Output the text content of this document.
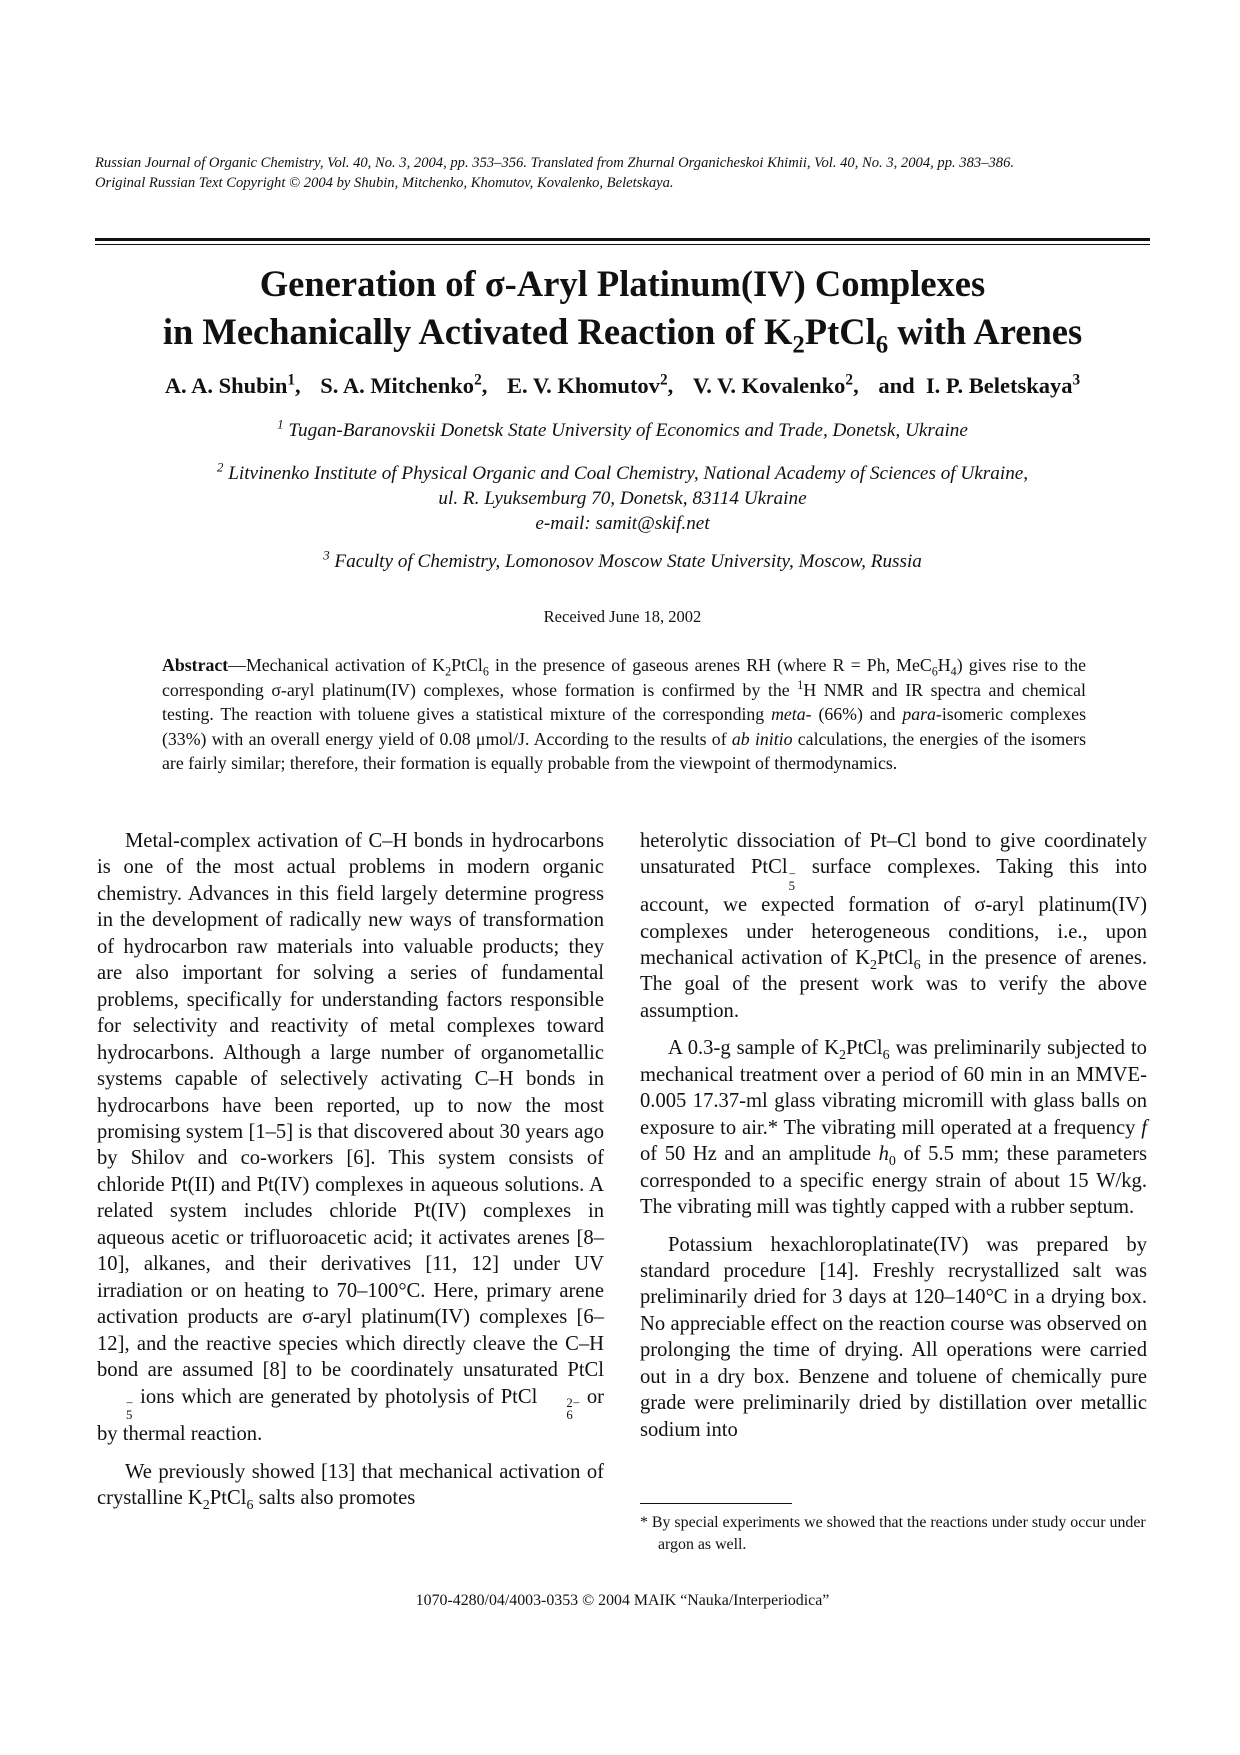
Russian Journal of Organic Chemistry, Vol. 40, No. 3, 2004, pp. 353–356. Translated from Zhurnal Organicheskoi Khimii, Vol. 40, No. 3, 2004, pp. 383–386.
Original Russian Text Copyright © 2004 by Shubin, Mitchenko, Khomutov, Kovalenko, Beletskaya.
Generation of σ-Aryl Platinum(IV) Complexes
in Mechanically Activated Reaction of $K_2PtCl_6$ with Arenes
A. A. Shubin$^1$, S. A. Mitchenko$^2$, E. V. Khomutov$^2$, V. V. Kovalenko$^2$, and I. P. Beletskaya$^3$
$^1$ Tugan-Baranovskii Donetsk State University of Economics and Trade, Donetsk, Ukraine
$^2$ Litvinenko Institute of Physical Organic and Coal Chemistry, National Academy of Sciences of Ukraine,
ul. R. Lyuksemburg 70, Donetsk, 83114 Ukraine
e-mail: samit@skif.net
$^3$ Faculty of Chemistry, Lomonosov Moscow State University, Moscow, Russia
Received June 18, 2002
Abstract—Mechanical activation of $K_2PtCl_6$ in the presence of gaseous arenes RH (where R = Ph, $MeC_6H_4$) gives rise to the corresponding σ-aryl platinum(IV) complexes, whose formation is confirmed by the $^1$H NMR and IR spectra and chemical testing. The reaction with toluene gives a statistical mixture of the corresponding meta- (66%) and para-isomeric complexes (33%) with an overall energy yield of 0.08 μmol/J. According to the results of ab initio calculations, the energies of the isomers are fairly similar; therefore, their formation is equally probable from the viewpoint of thermodynamics.

Metal-complex activation of C–H bonds in hydrocarbons is one of the most actual problems in modern organic chemistry. Advances in this field largely determine progress in the development of radically new ways of transformation of hydrocarbon raw materials into valuable products; they are also important for solving a series of fundamental problems, specifically for understanding factors responsible for selectivity and reactivity of metal complexes toward hydrocarbons. Although a large number of organometallic systems capable of selectively activating C–H bonds in hydrocarbons have been reported, up to now the most promising system [1–5] is that discovered about 30 years ago by Shilov and co-workers [6]. This system consists of chloride Pt(II) and Pt(IV) complexes in aqueous solutions. A related system includes chloride Pt(IV) complexes in aqueous acetic or trifluoroacetic acid; it activates arenes [8–10], alkanes, and their derivatives [11, 12] under UV irradiation or on heating to 70–100°C. Here, primary arene activation products are σ-aryl platinum(IV) complexes [6–12], and the reactive species which directly cleave the C–H bond are assumed [8] to be coordinately unsaturated PtCl
−
5
ions which are generated by photolysis of PtCl	2−
6
or by thermal reaction.

We previously showed [13] that mechanical activation of crystalline $K_2PtCl_6$ salts also promotes

heterolytic dissociation of Pt–Cl bond to give coordinately unsaturated PtCl −
5
surface complexes. Taking this into account, we expected formation of σ-aryl platinum(IV) complexes under heterogeneous conditions, i.e., upon mechanical activation of $K_2PtCl_6$ in the presence of arenes. The goal of the present work was to verify the above assumption.

A 0.3-g sample of $K_2PtCl_6$ was preliminarily subjected to mechanical treatment over a period of 60 min in an MMVE-0.005 17.37-ml glass vibrating micromill with glass balls on exposure to air.* The vibrating mill operated at a frequency f of 50 Hz and an amplitude $h_0$ of 5.5 mm; these parameters corresponded to a specific energy strain of about 15 W/kg. The vibrating mill was tightly capped with a rubber septum.

Potassium hexachloroplatinate(IV) was prepared by standard procedure [14]. Freshly recrystallized salt was preliminarily dried for 3 days at 120–140°C in a drying box. No appreciable effect on the reaction course was observed on prolonging the time of drying. All operations were carried out in a dry box. Benzene and toluene of chemically pure grade were preliminarily dried by distillation over metallic sodium into

* By special experiments we showed that the reactions under study occur under argon as well.
1070-4280/04/4003-0353 © 2004 MAIK “Nauka/Interperiodica”
